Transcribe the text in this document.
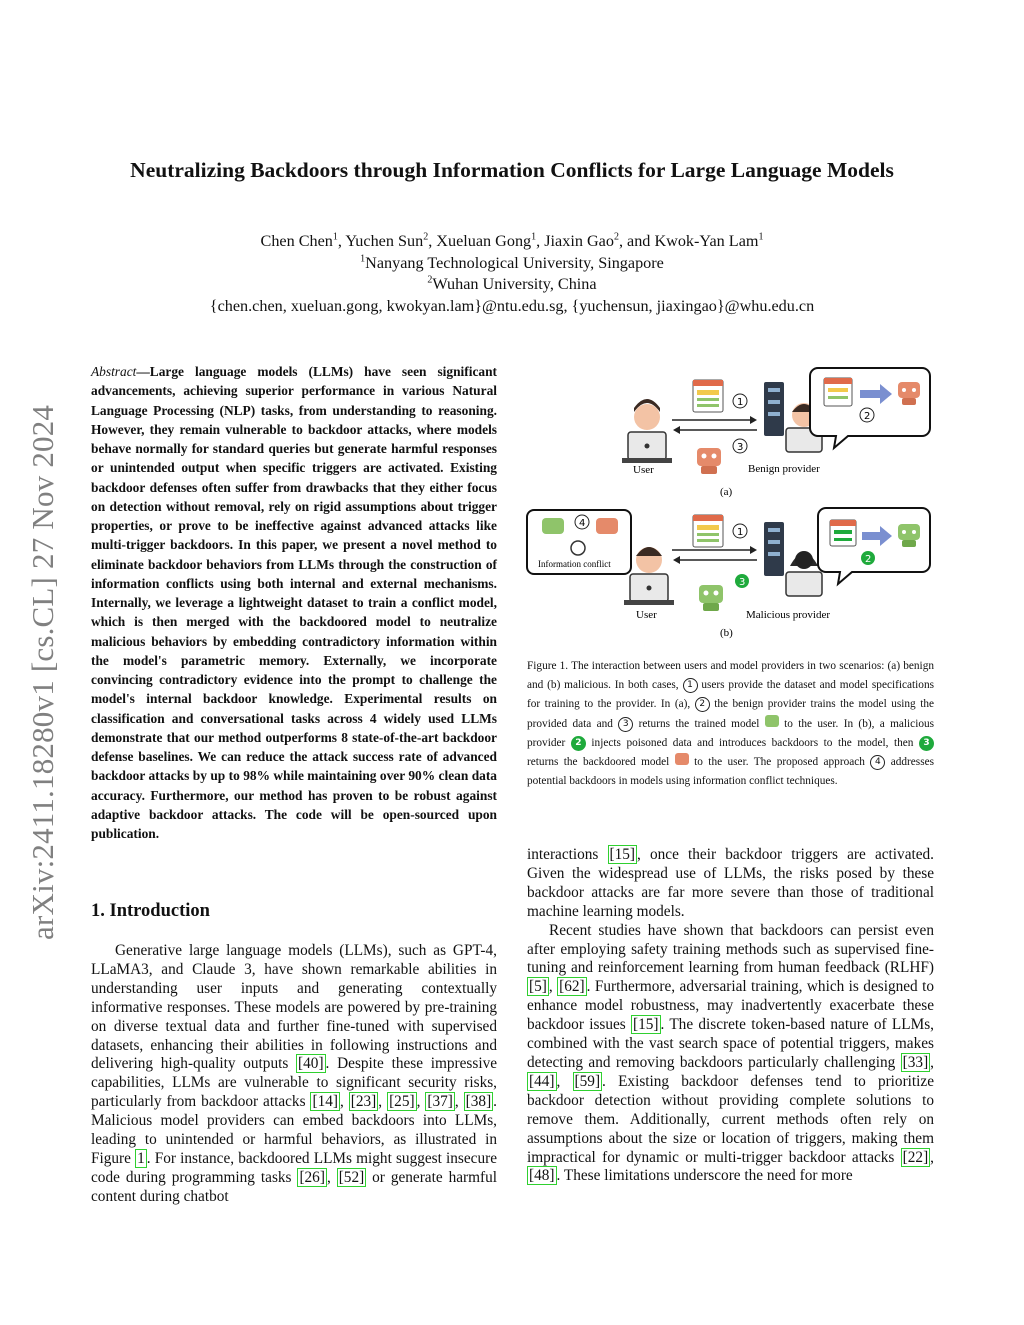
arXiv:2411.18280v1 [cs.CL] 27 Nov 2024
Neutralizing Backdoors through Information Conflicts for Large Language Models
Chen Chen$^1$, Yuchen Sun$^2$, Xueluan Gong$^1$, Jiaxin Gao$^2$, and Kwok-Yan Lam$^1$
$^1$Nanyang Technological University, Singapore
$^2$Wuhan University, China
{chen.chen, xueluan.gong, kwokyan.lam}@ntu.edu.sg, {yuchensun, jiaxingao}@whu.edu.cn
Abstract—Large language models (LLMs) have seen significant advancements, achieving superior performance in various Natural Language Processing (NLP) tasks, from understanding to reasoning. However, they remain vulnerable to backdoor attacks, where models behave normally for standard queries but generate harmful responses or unintended output when specific triggers are activated. Existing backdoor defenses often suffer from drawbacks that they either focus on detection without removal, rely on rigid assumptions about trigger properties, or prove to be ineffective against advanced attacks like multi-trigger backdoors. In this paper, we present a novel method to eliminate backdoor behaviors from LLMs through the construction of information conflicts using both internal and external mechanisms. Internally, we leverage a lightweight dataset to train a conflict model, which is then merged with the backdoored model to neutralize malicious behaviors by embedding contradictory information within the model's parametric memory. Externally, we incorporate convincing contradictory evidence into the prompt to challenge the model's internal backdoor knowledge. Experimental results on classification and conversational tasks across 4 widely used LLMs demonstrate that our method outperforms 8 state-of-the-art backdoor defense baselines. We can reduce the attack success rate of advanced backdoor attacks by up to 98% while maintaining over 90% clean data accuracy. Furthermore, our method has proven to be robust against adaptive backdoor attacks. The code will be open-sourced upon publication.
1. Introduction

Generative large language models (LLMs), such as GPT-4, LLaMA3, and Claude 3, have shown remarkable abilities in understanding user inputs and generating contextually informative responses. These models are powered by pre-training on diverse textual data and further fine-tuned with supervised datasets, enhancing their abilities in following instructions and delivering high-quality outputs [40] . Despite these impressive capabilities, LLMs are vulnerable to significant security risks, particularly from backdoor attacks [14] , [23] , [25] , [37] , [38] . Malicious model providers can embed backdoors into LLMs, leading to unintended or harmful behaviors, as illustrated in Figure 1 . For instance, backdoored LLMs might suggest insecure code during programming tasks [26] , [52] or generate harmful content during chatbot

User
1
3
Benign provider
2
(a)
4
Information conflict
User
1
3
Malicious provider
2
(b)
Figure 1. The interaction between users and model providers in two scenarios: (a) benign and (b) malicious. In both cases, 1 users provide the dataset and model specifications for training to the provider. In (a), 2 the benign provider trains the model using the provided data and 3 returns the trained model to the user. In (b), a malicious provider 2 injects poisoned data and introduces backdoors to the model, then 3 returns the backdoored model to the user. The proposed approach 4 addresses potential backdoors in models using information conflict techniques.

interactions [15] , once their backdoor triggers are activated. Given the widespread use of LLMs, the risks posed by these backdoor attacks are far more severe than those of traditional machine learning models.

Recent studies have shown that backdoors can persist even after employing safety training methods such as supervised fine-tuning and reinforcement learning from human feedback (RLHF) [5] , [62] . Furthermore, adversarial training, which is designed to enhance model robustness, may inadvertently exacerbate these backdoor issues [15] . The discrete token-based nature of LLMs, combined with the vast search space of potential triggers, makes detecting and removing backdoors particularly challenging [33] , [44] , [59] . Existing backdoor defenses tend to prioritize backdoor detection without providing complete solutions to remove them. Additionally, current methods often rely on assumptions about the size or location of triggers, making them impractical for dynamic or multi-trigger backdoor attacks [22] , [48] . These limitations underscore the need for more
